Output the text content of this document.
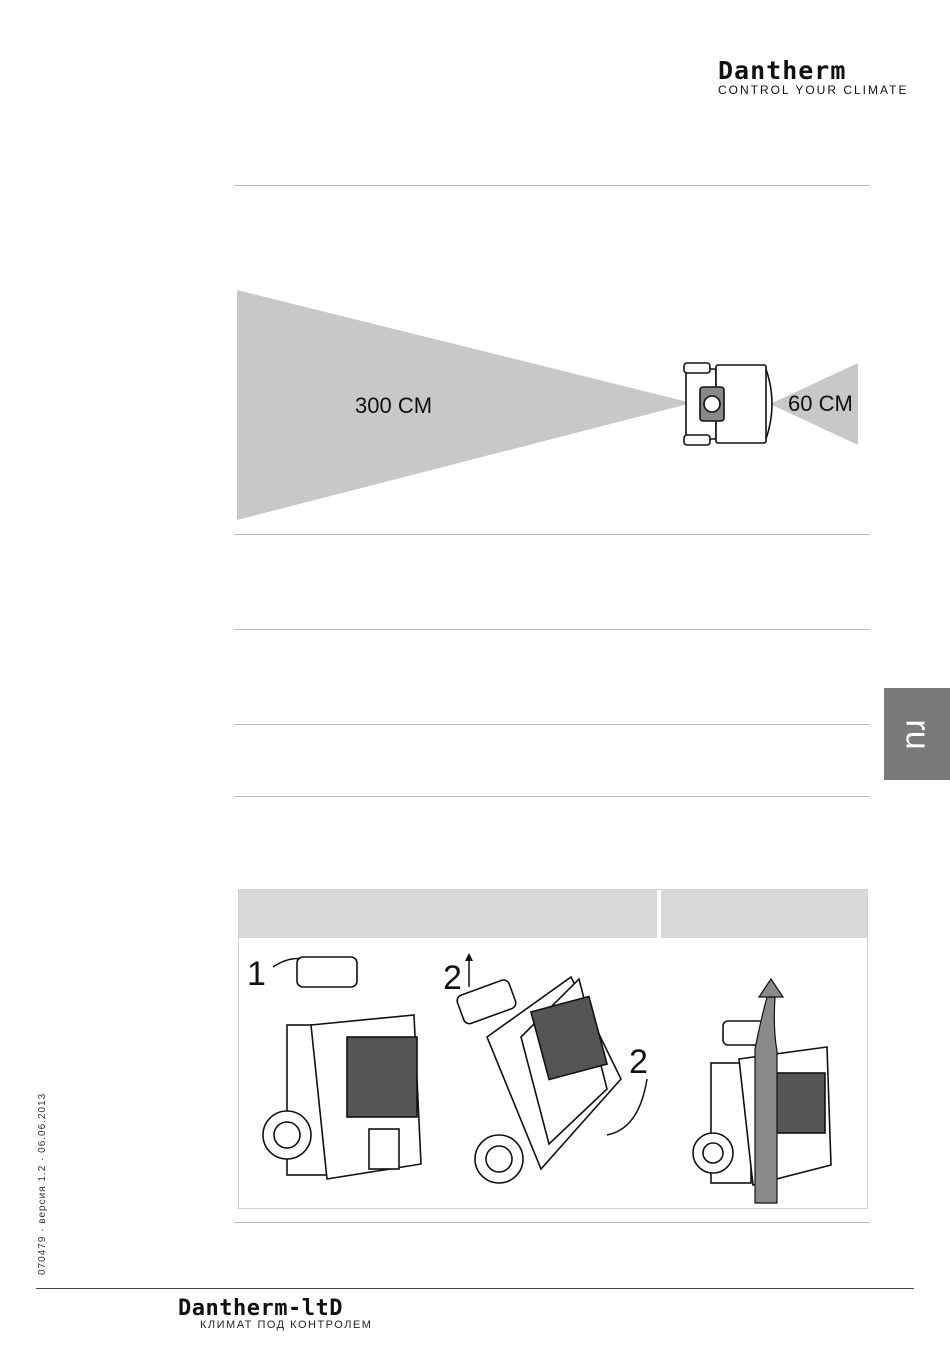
Dantherm
CONTROL YOUR CLIMATE
300 CM	60 CM
ru
1	2
2
070479 · версия 1.2 · 06.06.2013
Dantherm-ltD
КЛИМАТ ПОД КОНТРОЛЕМ
